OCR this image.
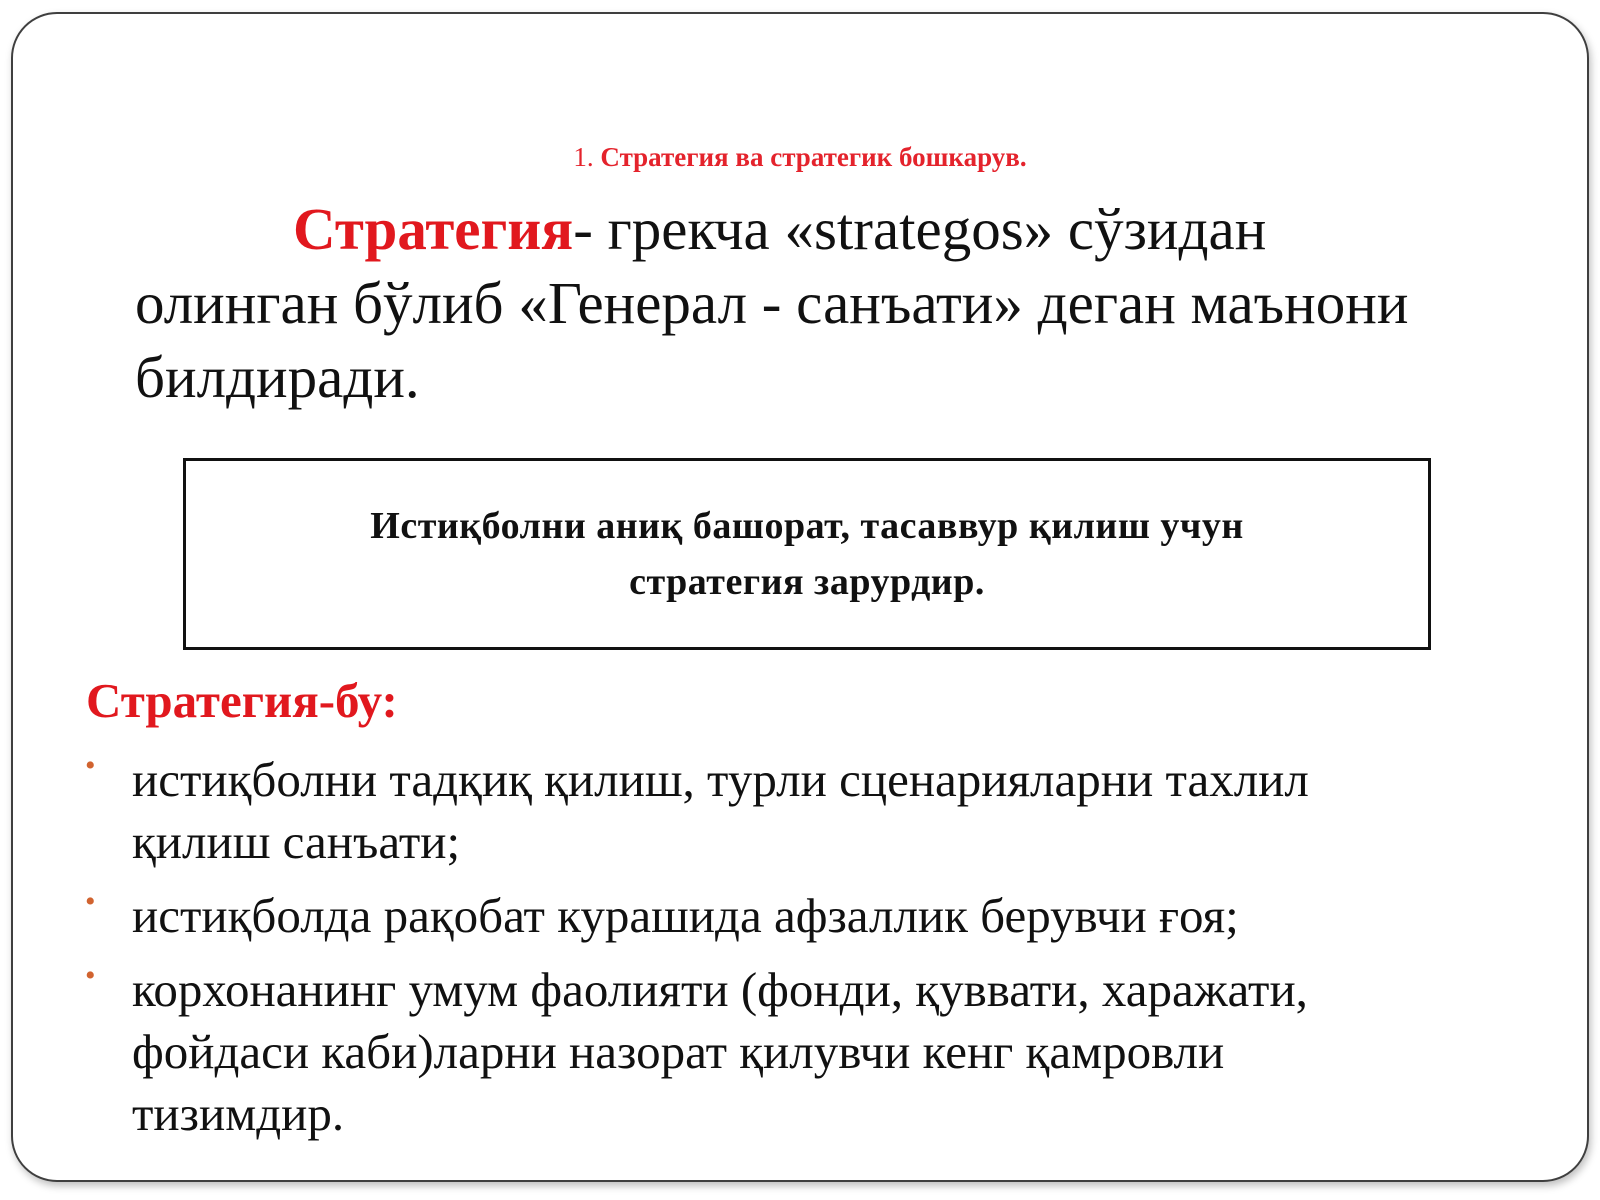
1. Стратегия ва стратегик бошкарув.
Стратегия- грекча «strategos» сўзидан
олинган бўлиб «Генерал - санъати» деган маънони
билдиради.
Истиқболни аниқ башорат, тасаввур қилиш учун
стратегия зарурдир.
Стратегия-бу:
• истиқболни тадқиқ қилиш, турли сценарияларни тахлил
қилиш санъати;
• истиқболда рақобат курашида афзаллик берувчи ғоя;
• корхонанинг умум фаолияти (фонди, қуввати, харажати,
фойдаси каби)ларни назорат қилувчи кенг қамровли
тизимдир.
